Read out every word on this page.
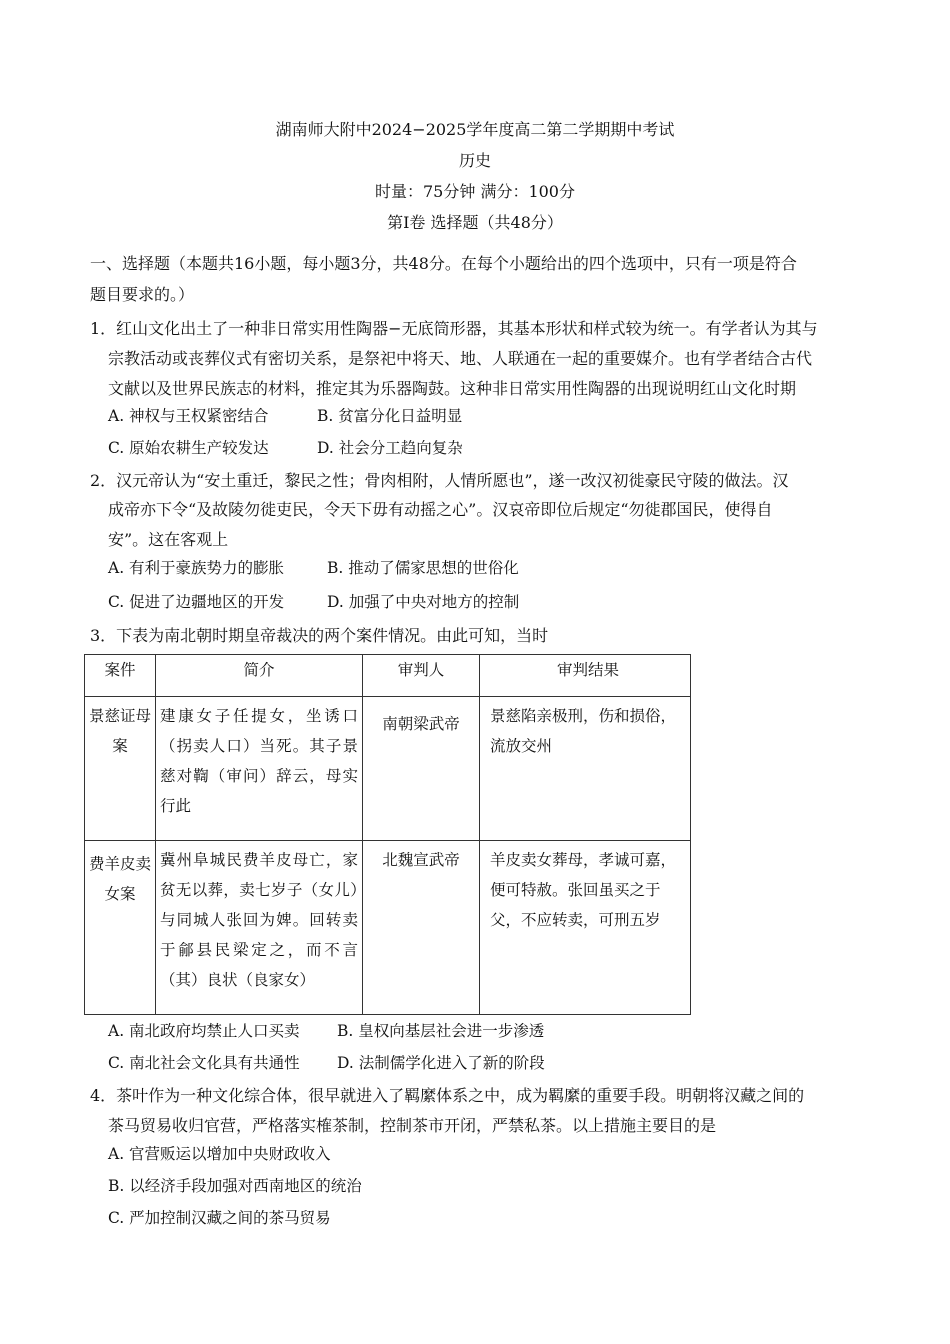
湖南师大附中2024−2025学年度高二第二学期期中考试
历史
时量：75分钟 满分：100分
第Ⅰ卷 选择题（共48分）
一、选择题（本题共16小题，每小题3分，共48分。在每个小题给出的四个选项中，只有一项是符合
题目要求的。）
1．红山文化出土了一种非日常实用性陶器−无底筒形器，其基本形状和样式较为统一。有学者认为其与
宗教活动或丧葬仪式有密切关系，是祭祀中将天、地、人联通在一起的重要媒介。也有学者结合古代
文献以及世界民族志的材料，推定其为乐器陶鼓。这种非日常实用性陶器的出现说明红山文化时期
A. 神权与王权紧密结合	B. 贫富分化日益明显
C. 原始农耕生产较发达	D. 社会分工趋向复杂
2．汉元帝认为“安土重迁，黎民之性；骨肉相附，人情所愿也”，遂一改汉初徙豪民守陵的做法。汉
成帝亦下令“及故陵勿徙吏民，令天下毋有动摇之心”。汉哀帝即位后规定“勿徙郡国民，使得自
安”。这在客观上
A. 有利于豪族势力的膨胀	B. 推动了儒家思想的世俗化
C. 促进了边疆地区的开发	D. 加强了中央对地方的控制
3．下表为南北朝时期皇帝裁决的两个案件情况。由此可知，当时
案件	简介	审判人	审判结果
景慈证母案	建康女子任提女，坐诱口（拐卖人口）当死。其子景慈对鞫（审问）辞云，母实行此	南朝梁武帝	景慈陷亲极刑，伤和损俗，流放交州
费羊皮卖女案	冀州阜城民费羊皮母亡，家贫无以葬，卖七岁子（女儿）与同城人张回为婢。回转卖于鄃县民梁定之，而不言（其）良状（良家女）	北魏宣武帝	羊皮卖女葬母，孝诚可嘉，便可特赦。张回虽买之于父，不应转卖，可刑五岁
A. 南北政府均禁止人口买卖 B. 皇权向基层社会进一步渗透
C. 南北社会文化具有共通性 D. 法制儒学化进入了新的阶段
4．茶叶作为一种文化综合体，很早就进入了羁縻体系之中，成为羁縻的重要手段。明朝将汉藏之间的
茶马贸易收归官营，严格落实榷茶制，控制茶市开闭，严禁私茶。以上措施主要目的是
A. 官营贩运以增加中央财政收入
B. 以经济手段加强对西南地区的统治
C. 严加控制汉藏之间的茶马贸易
